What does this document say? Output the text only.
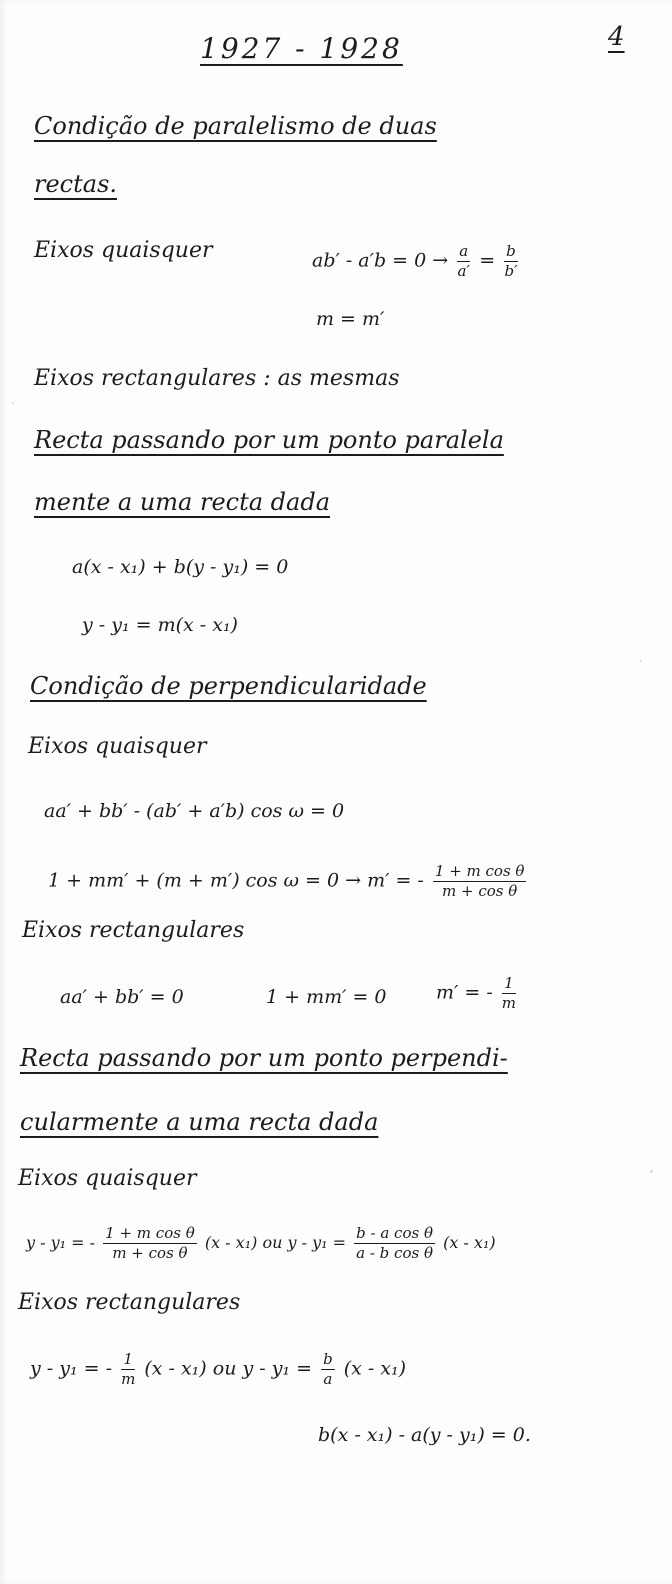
1927 - 1928	4
Condição de paralelismo de duas
rectas.
Eixos quaisquer	$ab' - a'b = 0 \to \frac{a}{a'} = \frac{b}{b'}$
m = m′
Eixos rectangulares : as mesmas
Recta passando por um ponto paralela
mente a uma recta dada
a(x - x₁) + b(y - y₁) = 0
y - y₁ = m(x - x₁)
Condição de perpendicularidade
Eixos quaisquer
aa′ + bb′ - (ab′ + a′b) cos ω = 0
1 + mm′ + (m + m′) cos ω = 0 → m′ = - $\frac{\text{1 + m cos θ}}{\text{m + cos θ}}$
Eixos rectangulares
aa′ + bb′ = 0	1 + mm′ = 0	m′ = - $\frac{1}{m}$
Recta passando por um ponto perpendi-
cularmente a uma recta dada
Eixos quaisquer
y - y₁ = - $\frac{\text{1 + m cos θ}}{\text{m + cos θ}} (x - x_1)$ ou $y - y_1 = \frac{\text{b - a cos θ}}{\text{a - b cos θ}} (x - x_1)$
Eixos rectangulares
y - y₁ = - $\frac{1}{m} (x - x_1)$ ou $y - y_1 = \frac{b}{a} (x - x_1)$
b(x - x₁) - a(y - y₁) = 0.
